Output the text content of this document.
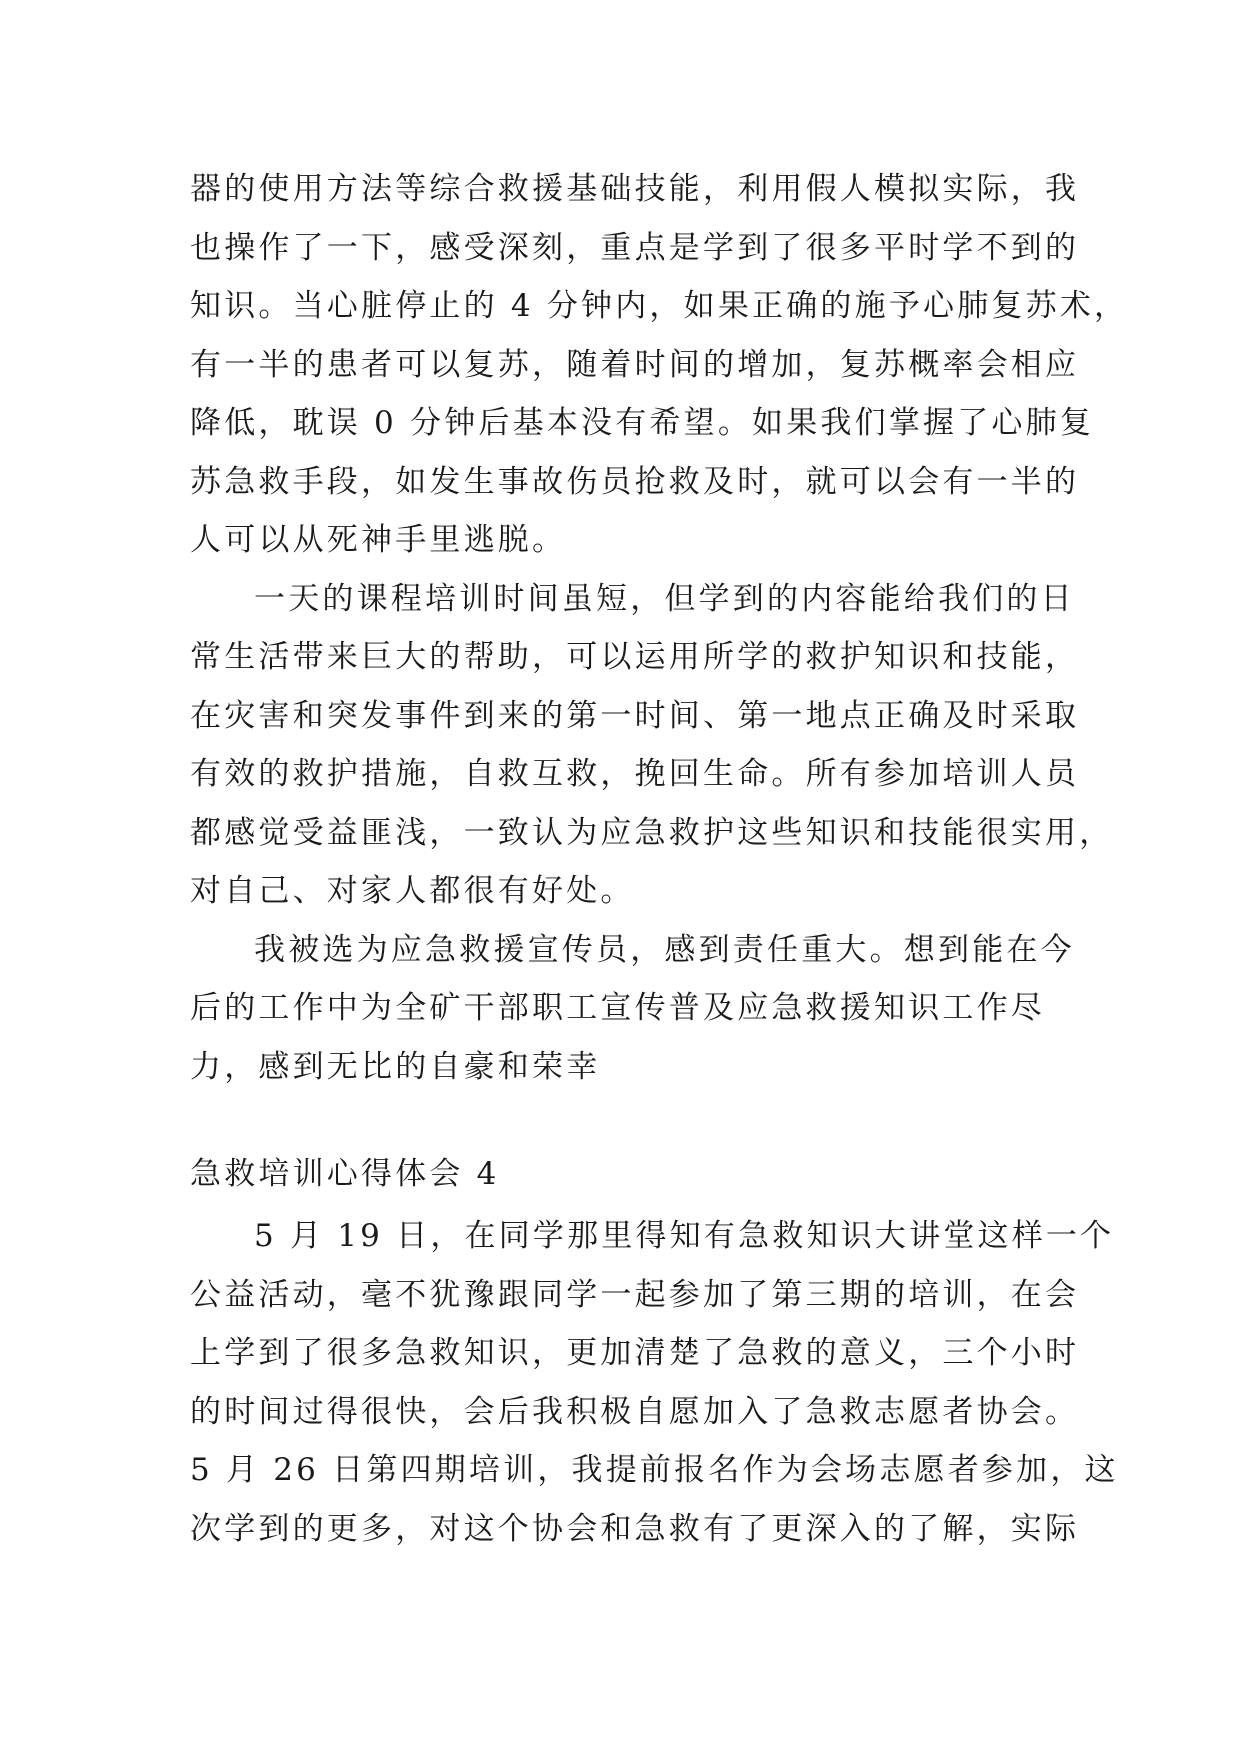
器的使用方法等综合救援基础技能，利用假人模拟实际，我
也操作了一下，感受深刻，重点是学到了很多平时学不到的
知识。当心脏停止的 4 分钟内，如果正确的施予心肺复苏术，
有一半的患者可以复苏，随着时间的增加，复苏概率会相应
降低，耽误 0 分钟后基本没有希望。如果我们掌握了心肺复
苏急救手段，如发生事故伤员抢救及时，就可以会有一半的
人可以从死神手里逃脱。
一天的课程培训时间虽短，但学到的内容能给我们的日
常生活带来巨大的帮助，可以运用所学的救护知识和技能，
在灾害和突发事件到来的第一时间、第一地点正确及时采取
有效的救护措施，自救互救，挽回生命。所有参加培训人员
都感觉受益匪浅，一致认为应急救护这些知识和技能很实用，
对自己、对家人都很有好处。
我被选为应急救援宣传员，感到责任重大。想到能在今
后的工作中为全矿干部职工宣传普及应急救援知识工作尽
力，感到无比的自豪和荣幸
急救培训心得体会 4
5 月 19 日，在同学那里得知有急救知识大讲堂这样一个
公益活动，毫不犹豫跟同学一起参加了第三期的培训，在会
上学到了很多急救知识，更加清楚了急救的意义，三个小时
的时间过得很快，会后我积极自愿加入了急救志愿者协会。
5 月 26 日第四期培训，我提前报名作为会场志愿者参加，这
次学到的更多，对这个协会和急救有了更深入的了解，实际
